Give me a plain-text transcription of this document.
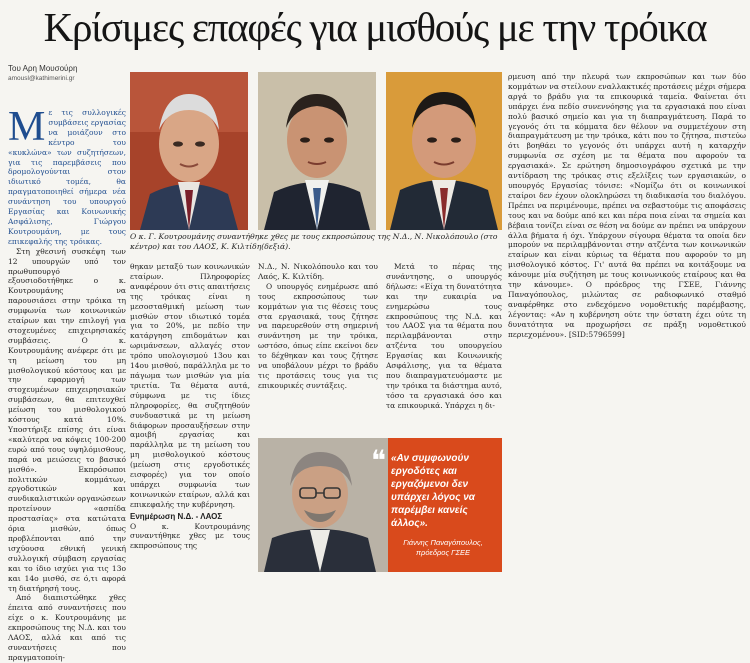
Κρίσιμες επαφές για μισθούς με την τρόικα
Του Αρη Μουσούρη
amousl@kathimerini.gr
Μ ε τις συλλογικές συμβάσεις εργασίας να μοιάζουν στο κέντρο του «κυκλώνα» των συζητήσεων, για τις παρεμβάσεις που δρομολογούνται στον ιδιωτικό τομέα, θα πραγματοποιηθεί σήμερα νέα συνάντηση του υπουργού Εργασίας και Κοινωνικής Ασφάλισης, Γιώργου Κουτρουμάνη, με τους επικεφαλής της τρόικας.

Στη χθεσινή συσκέψη των 12 υπουργών υπό τον πρωθυπουργό εξουσιοδοτήθηκε ο κ. Κουτρουμάνης να παρουσιάσει στην τρόικα τη συμφωνία των κοινωνικών εταίρων και την επιλογή για στοχευμένες επιχειρησιακές συμβάσεις. Ο κ. Κουτρουμάνης ανέφερε ότι με τη μείωση του μη μισθολογικού κόστους και με την εφαρμογή των στοχευμένων επιχειρησιακών συμβάσεων, θα επιτευχθεί μείωση του μισθολογικού κόστους κατά 10%. Υποστήριξε επίσης ότι είναι «καλύτερα να κόψεις 100-200 ευρώ από τους υψηλόμισθους, παρά να μειώσεις το βασικό μισθό». Εκπρόσωποι πολιτικών κομμάτων, εργοδοτικών και συνδικαλιστικών οργανώσεων προτείνουν «ασπίδα προστασίας» στα κατώτατα όρια μισθών, όπως προβλέπονται από την ισχύουσα εθνική γενική συλλογική σύμβαση εργασίας και το ίδιο ισχύει για τις 13ο και 14ο μισθό, σε ό,τι αφορά τη διατήρησή τους.

Από διαπιστώθηκε χθες έπειτα από συναντήσεις που είχε ο κ. Κουτρουμάνης με εκπροσώπους της Ν.Δ. και του ΛΑΟΣ, αλλά και από τις συναντήσεις που πραγματοποίη-

Ο κ. Γ. Κουτρουμάνης συναντήθηκε χθες με τους εκπροσώπους της Ν.Δ., Ν. Νικολόπουλο (στο κέντρο) και του ΛΑΟΣ, Κ. Κιλτίδη(δεξιά).

θηκαν μεταξύ των κοινωνικών εταίρων. Πληροφορίες αναφέρουν ότι στις απαιτήσεις της τρόικας είναι η μεσοσταθμική μείωση των μισθών στον ιδιωτικό τομέα για το 20%, με πεδίο την κατάργηση επιδομάτων και ωριμάνσεων, αλλαγές στον τρόπο υπολογισμού 13ου και 14ου μισθού, παράλληλα με το πάγωμα των μισθών για μία τριετία. Τα θέματα αυτά, σύμφωνα με τις ίδιες πληροφορίες, θα συζητηθούν συνδυαστικά με τη μείωση διάφορων προσαυξήσεων στην αμοιβή εργασίας και παράλληλα με τη μείωση του μη μισθολογικού κόστους (μείωση στις εργοδοτικές εισφορές) για τον οποίο υπάρχει συμφωνία των κοινωνικών εταίρων, αλλά και επικεφαλής την κυβέρνηση.

Ενημέρωση Ν.Δ. - ΛΑΟΣ

Ο κ. Κουτρουμάνης συναντήθηκε χθες με τους εκπροσώπους της

Ν.Δ., Ν. Νικολόπουλο και του Λαός, Κ. Κιλτίδη.

Ο υπουργός ενημέρωσε από τους εκπροσώπους των κομμάτων για τις θέσεις τους στα εργασιακά, τους ζήτησε να παρευρεθούν στη σημερινή συνάντηση με την τρόικα, ωστόσο, όπως είπε εκείνοι δεν το δέχθηκαν και τους ζήτησε να υποβάλουν μέχρι το βράδυ τις προτάσεις τους για τις επικουρικές συντάξεις.

Μετά το πέρας της συνάντησης, ο υπουργός δήλωσε: «Είχα τη δυνατότητα και την ευκαιρία να ενημερώσω τους εκπροσώπους της Ν.Δ. και του ΛΑΟΣ για τα θέματα που περιλαμβάνονται στην ατζέντα του υπουργείου Εργασίας και Κοινωνικής Ασφάλισης, για τα θέματα που διαπραγματευόμαστε με την τρόικα τα διάστημα αυτό, τόσο τα εργασιακά όσο και τα επικουρικά. Υπάρχει η δι-

❝ «Αν συμφωνούν εργοδότες και εργαζόμενοι δεν υπάρχει λόγος να παρέμβει κανείς άλλος».
Γιάννης Παναγόπουλος, πρόεδρος ΓΣΕΕ

ρμευση από την πλευρά των εκπροσώπων και των δύο κομμάτων να στείλουν εναλλακτικές προτάσεις μέχρι σήμερα αργά το βράδυ για τα επικουρικά ταμεία. Φαίνεται ότι υπάρχει ένα πεδίο συνεννόησης για τα εργασιακά που είναι πολύ βασικό σημείο και για τη διαπραγμάτευση. Παρά το γεγονός ότι τα κόμματα δεν θέλουν να συμμετέχουν στη διαπραγμάτευση με την τρόικα, κάτι που το ζήτησα, πιστεύω ότι βοηθάει το γεγονός ότι υπάρχει αυτή η καταρχήν συμφωνία σε σχέση με τα θέματα που αφορούν τα εργασιακά». Σε ερώτηση δημοσιογράφου σχετικά με την αντίδραση της τρόικας στις εξελίξεις των εργασιακών, ο υπουργός Εργασίας τόνισε: «Νομίζω ότι οι κοινωνικοί εταίροι δεν έχουν ολοκληρώσει τη διαδικασία του διαλόγου. Πρέπει να περιμένουμε, πρέπει να σεβαστούμε τις αποφάσεις τους και να δούμε από κει και πέρα ποια είναι τα σημεία και βέβαια τονίζει είναι σε θέση να δούμε αν πρέπει να υπάρχουν άλλα βήματα ή όχι. Υπάρχουν σίγουρα θέματα τα οποία δεν μπορούν να περιλαμβάνονται στην ατζέντα των κοινωνικών εταίρων και είναι κύριως τα θέματα που αφορούν το μη μισθολογικό κόστος. Γι' αυτά θα πρέπει να κοιτάξουμε να κάνουμε μία συζήτηση με τους κοινωνικούς εταίρους και θα την κάνουμε». Ο πρόεδρος της ΓΣΕΕ, Γιάννης Παναγόπουλος, μιλώντας σε ραδιοφωνικό σταθμό αναφέρθηκε στο ενδεχόμενο νομοθετικής παρέμβασης, λέγοντας: «Αν η κυβέρνηση ούτε την ύστατη έχει ούτε τη δυνατότητα να προχωρήσει σε πράξη νομοθετικού περιεχομένου». [SID:5796599]
